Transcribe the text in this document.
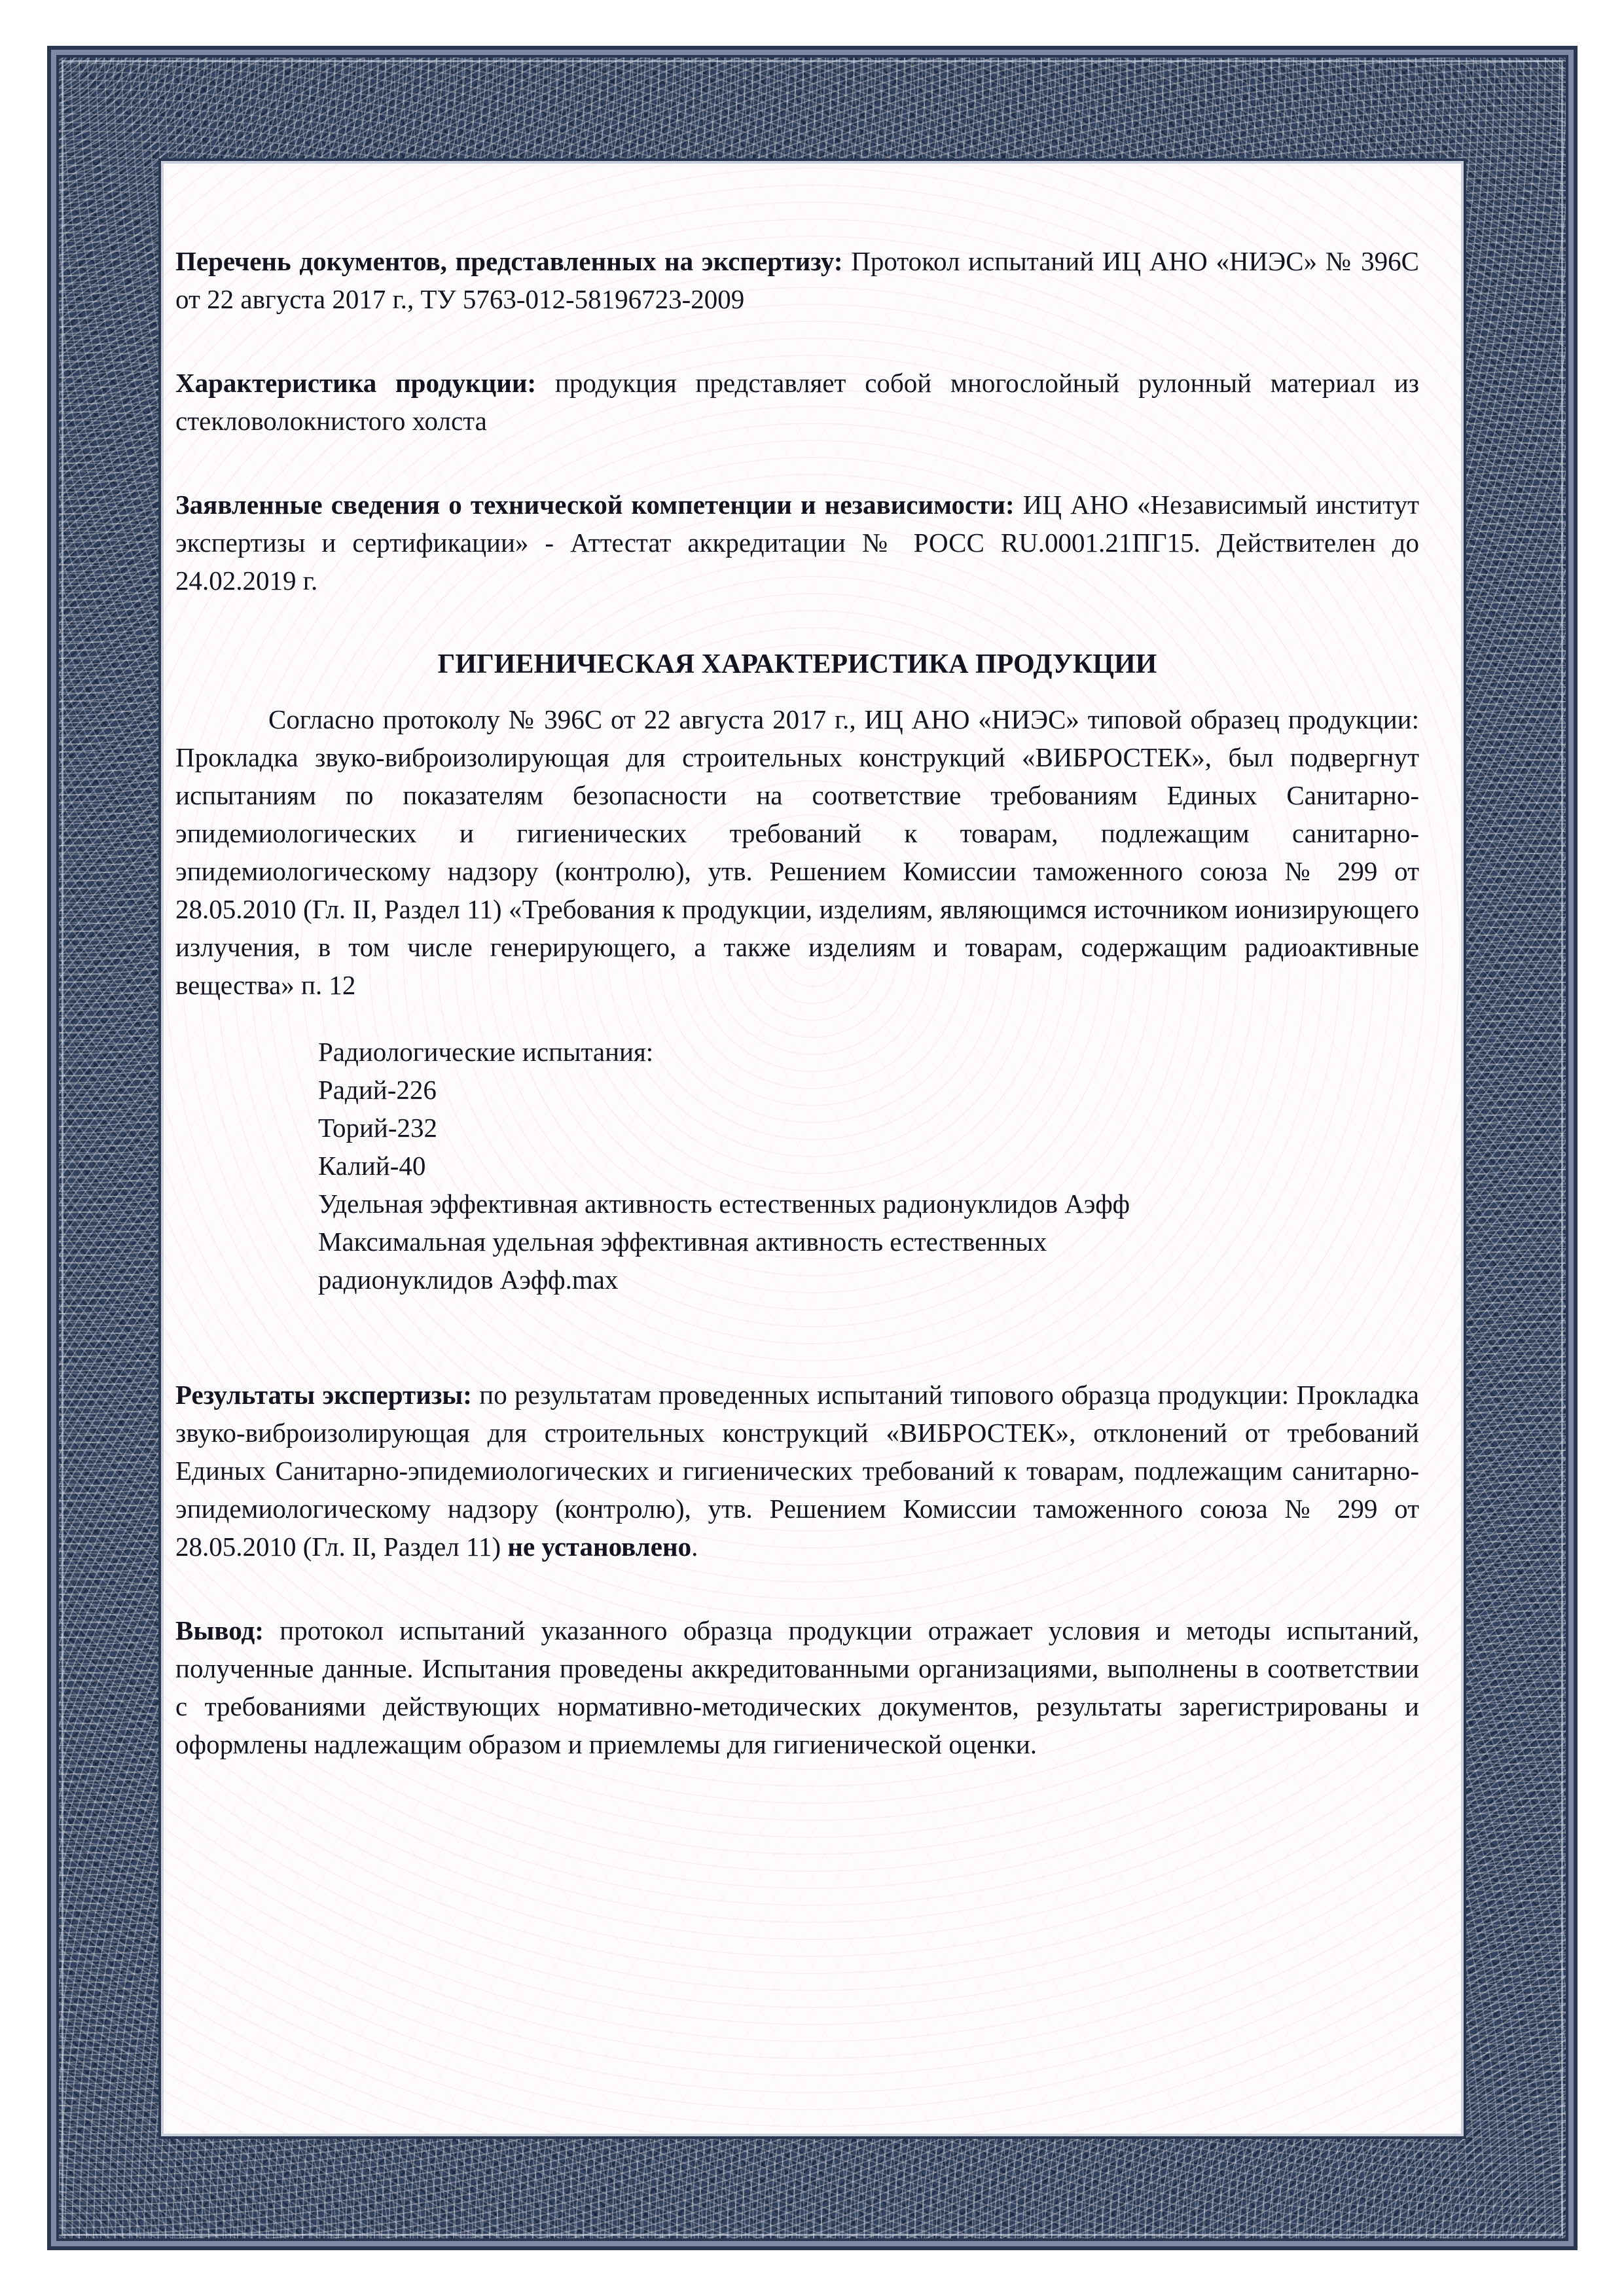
Перечень документов, представленных на экспертизу: Протокол испытаний ИЦ АНО «НИЭС» № 396С от 22 августа 2017 г., ТУ 5763-012-58196723-2009

Характеристика продукции: продукция представляет собой многослойный рулонный материал из стекловолокнистого холста

Заявленные сведения о технической компетенции и независимости: ИЦ АНО «Независимый институт экспертизы и сертификации» - Аттестат аккредитации № РОСС RU.0001.21ПГ15. Действителен до 24.02.2019 г.

ГИГИЕНИЧЕСКАЯ ХАРАКТЕРИСТИКА ПРОДУКЦИИ

Согласно протоколу № 396С от 22 августа 2017 г., ИЦ АНО «НИЭС» типовой образец продукции: Прокладка звуко-виброизолирующая для строительных конструкций «ВИБРОСТЕК», был подвергнут испытаниям по показателям безопасности на соответствие требованиям Единых Санитарно-эпидемиологических и гигиенических требований к товарам, подлежащим санитарно-эпидемиологическому надзору (контролю), утв. Решением Комиссии таможенного союза № 299 от 28.05.2010 (Гл. II, Раздел 11) «Требования к продукции, изделиям, являющимся источником ионизирующего излучения, в том числе генерирующего, а также изделиям и товарам, содержащим радиоактивные вещества» п. 12

Радиологические испытания:
Радий-226
Торий-232
Калий-40
Удельная эффективная активность естественных радионуклидов Аэфф
Максимальная удельная эффективная активность естественных
радионуклидов Аэфф.max

Результаты экспертизы: по результатам проведенных испытаний типового образца продукции: Прокладка звуко-виброизолирующая для строительных конструкций «ВИБРОСТЕК», отклонений от требований Единых Санитарно-эпидемиологических и гигиенических требований к товарам, подлежащим санитарно-эпидемиологическому надзору (контролю), утв. Решением Комиссии таможенного союза № 299 от 28.05.2010 (Гл. II, Раздел 11) не установлено.

Вывод: протокол испытаний указанного образца продукции отражает условия и методы испытаний, полученные данные. Испытания проведены аккредитованными организациями, выполнены в соответствии с требованиями действующих нормативно-методических документов, результаты зарегистрированы и оформлены надлежащим образом и приемлемы для гигиенической оценки.
